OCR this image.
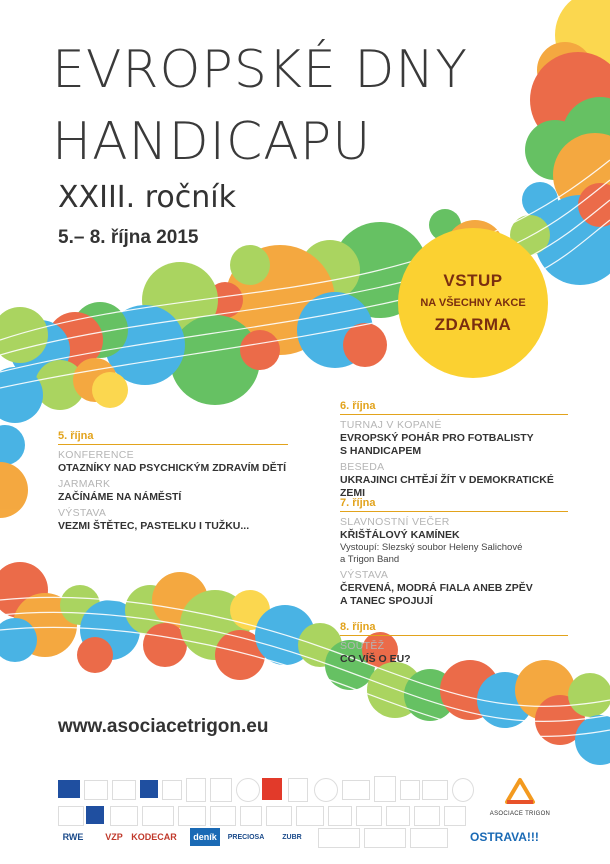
EVROPSKÉ DNY
HANDICAPU
XXIII. ročník
5.– 8. října 2015
VSTUP
NA VŠECHNY AKCE
ZDARMA
5. října
KONFERENCE
OTAZNÍKY NAD PSYCHICKÝM ZDRAVÍM DĚTÍ
JARMARK
ZAČÍNÁME NA NÁMĚSTÍ
VÝSTAVA
VEZMI ŠTĚTEC, PASTELKU I TUŽKU...
6. října
TURNAJ V KOPANÉ
EVROPSKÝ POHÁR PRO FOTBALISTY
S HANDICAPEM
BESEDA
UKRAJINCI CHTĚJÍ ŽÍT V DEMOKRATICKÉ ZEMI
7. října
SLAVNOSTNÍ VEČER
KŘIŠŤÁLOVÝ KAMÍNEK
Vystoupí: Slezský soubor Heleny Salichové
a Trigon Band
VÝSTAVA
ČERVENÁ, MODRÁ FIALA ANEB ZPĚV
A TANEC SPOJUJÍ
8. října
SOUTĚŽ
CO VÍŠ O EU?
www.asociacetrigon.eu
ASOCIACE TRIGON
RWE	VZP KODECAR	deník	PRECIOSA	ZUBR	OSTRAVA!!!
